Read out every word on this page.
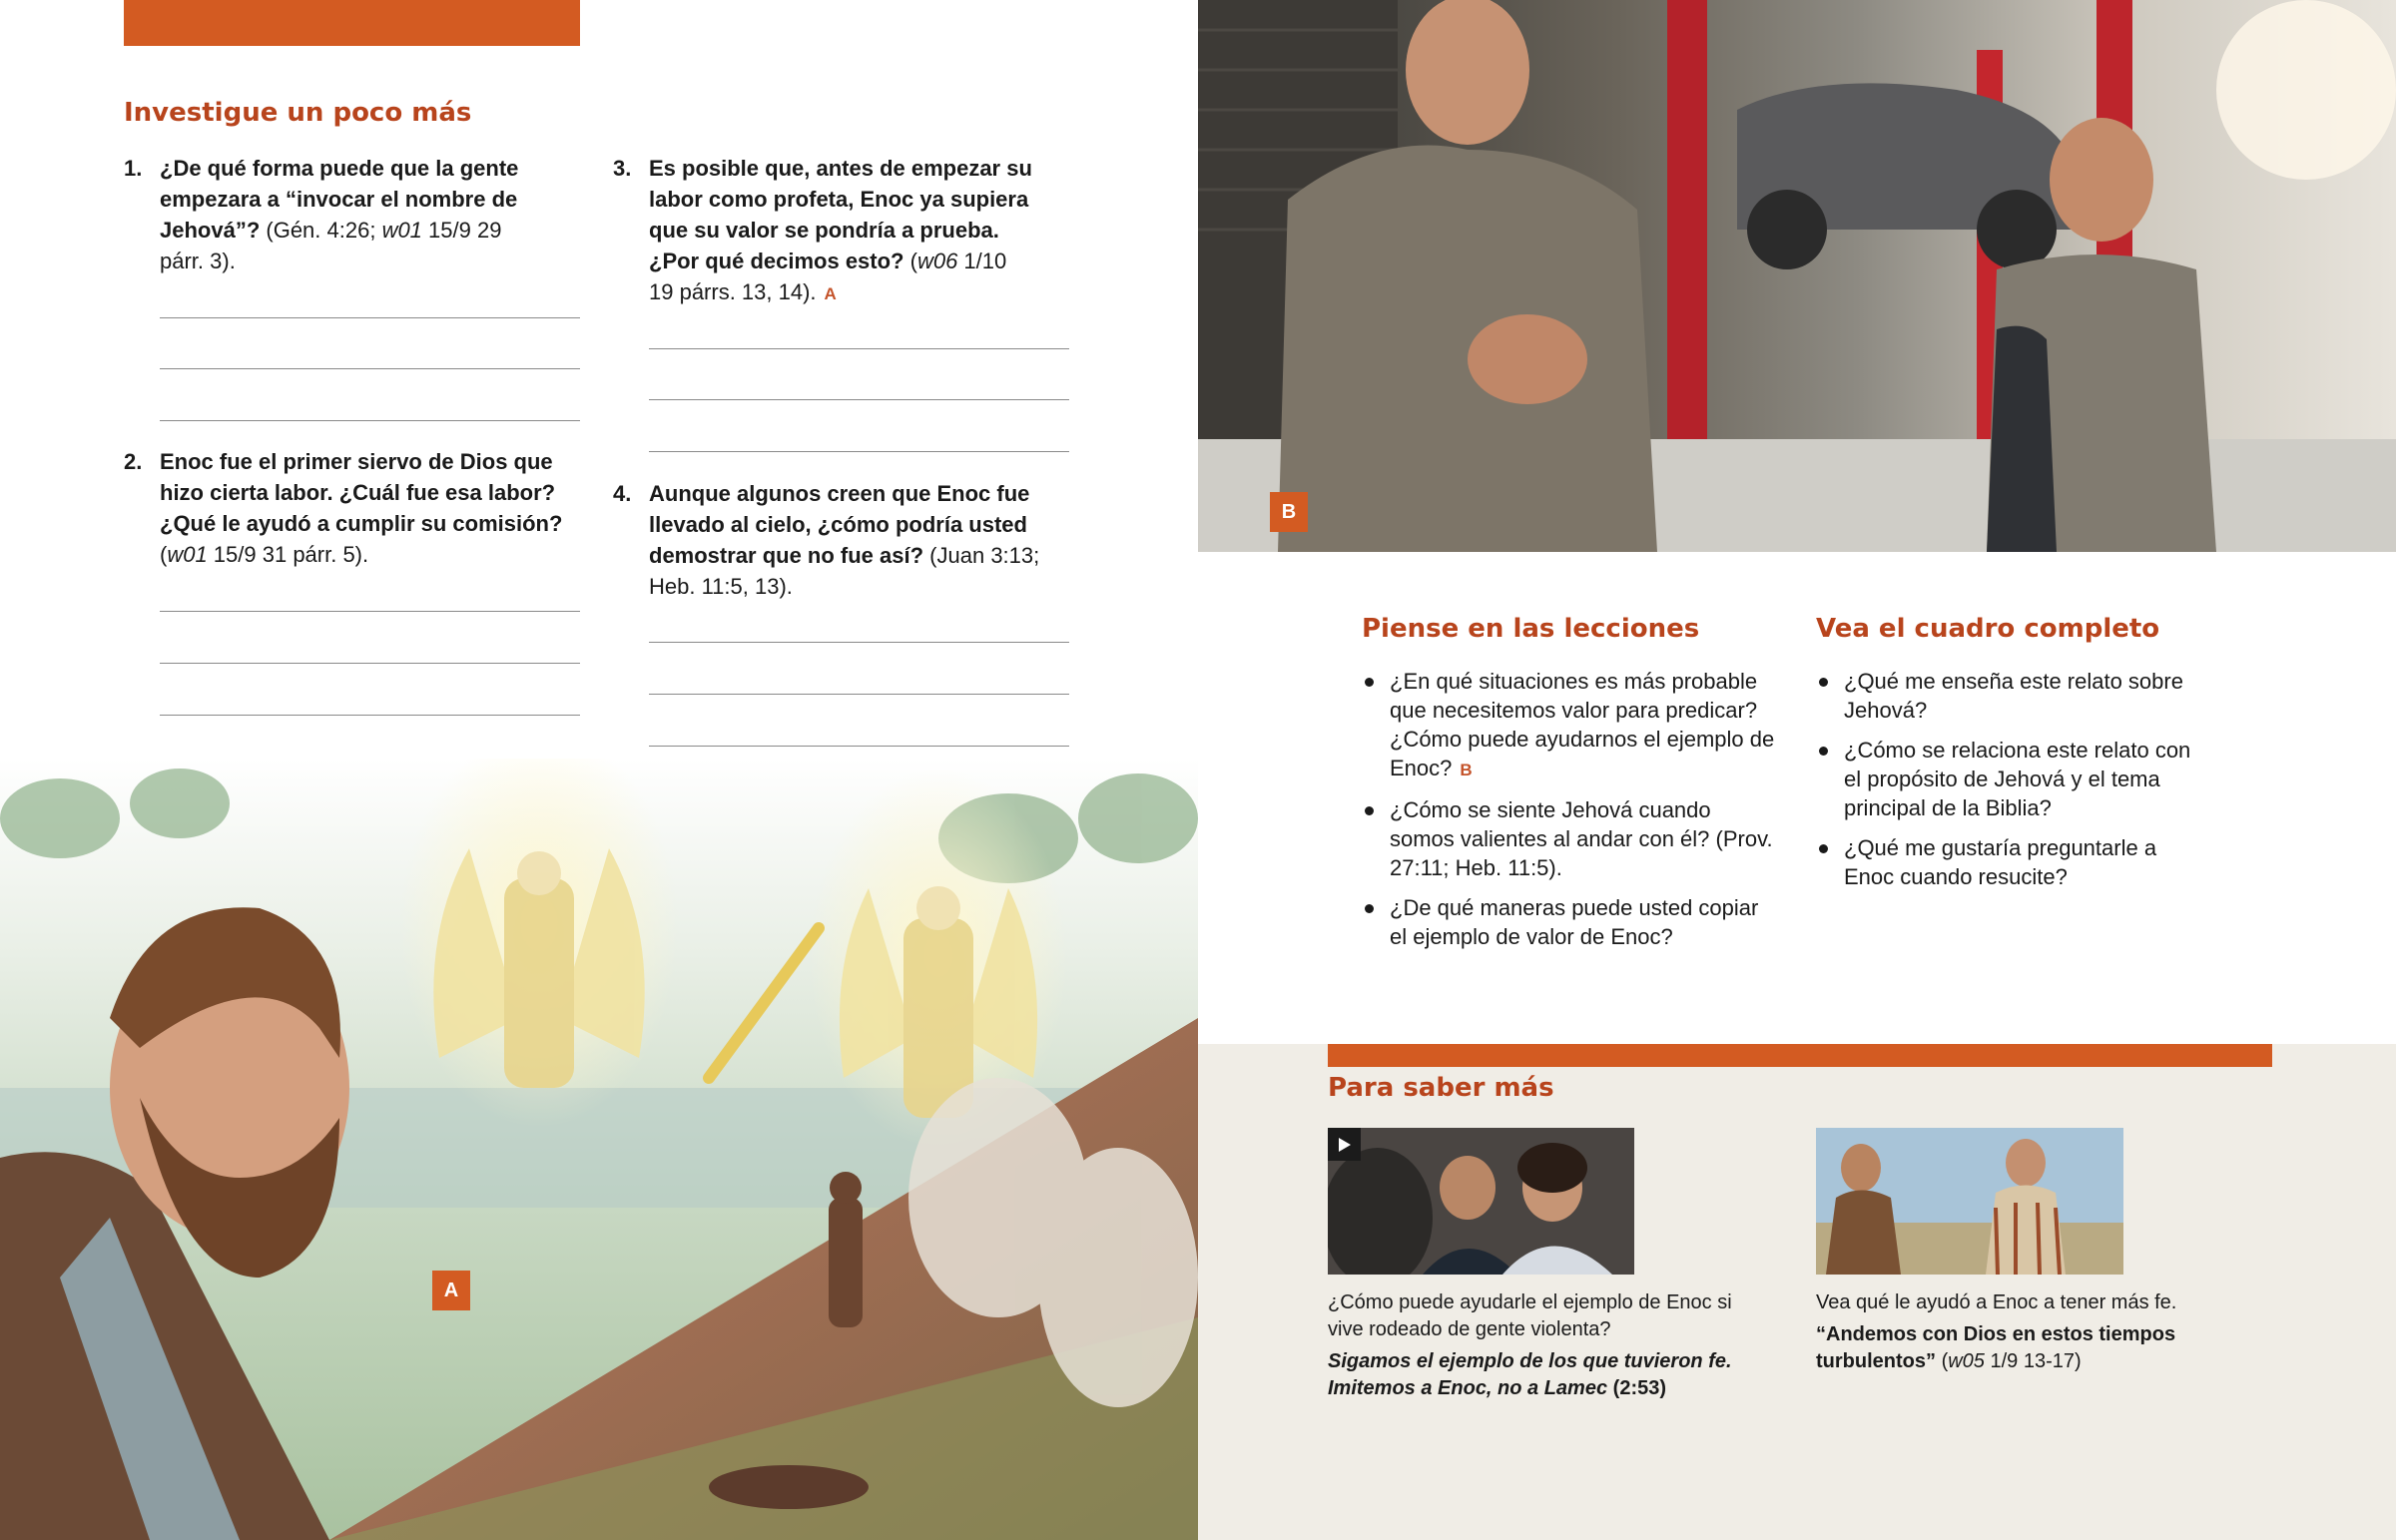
Investigue un poco más
1. ¿De qué forma puede que la gente
empezara a “invocar el nombre de
Jehová”? (Gén. 4:26; w01 15/9 29
párr. 3).
2. Enoc fue el primer siervo de Dios que
hizo cierta labor. ¿Cuál fue esa labor?
¿Qué le ayudó a cumplir su comisión?
(w01 15/9 31 párr. 5).
3. Es posible que, antes de empezar su
labor como profeta, Enoc ya supiera
que su valor se pondría a prueba.
¿Por qué decimos esto? (w06 1/10
19 párrs. 13, 14). A
4. Aunque algunos creen que Enoc fue
llevado al cielo, ¿cómo podría usted
demostrar que no fue así? (Juan 3:13;
Heb. 11:5, 13).
A
B
Piense en las lecciones
¿En qué situaciones es más probable que necesitemos valor para predicar? ¿Cómo puede ayudarnos el ejemplo de Enoc? B
¿Cómo se siente Jehová cuando somos valientes al andar con él? (Prov. 27:11; Heb. 11:5).
¿De qué maneras puede usted copiar el ejemplo de valor de Enoc?
Vea el cuadro completo
¿Qué me enseña este relato sobre Jehová?
¿Cómo se relaciona este relato con el propósito de Jehová y el tema principal de la Biblia?
¿Qué me gustaría preguntarle a Enoc cuando resucite?
Para saber más
¿Cómo puede ayudarle el ejemplo de Enoc si vive rodeado de gente violenta?
Sigamos el ejemplo de los que tuvieron fe. Imitemos a Enoc, no a Lamec (2:53)
Vea qué le ayudó a Enoc a tener más fe.
“Andemos con Dios en estos tiempos turbulentos” (w05 1/9 13-17)
